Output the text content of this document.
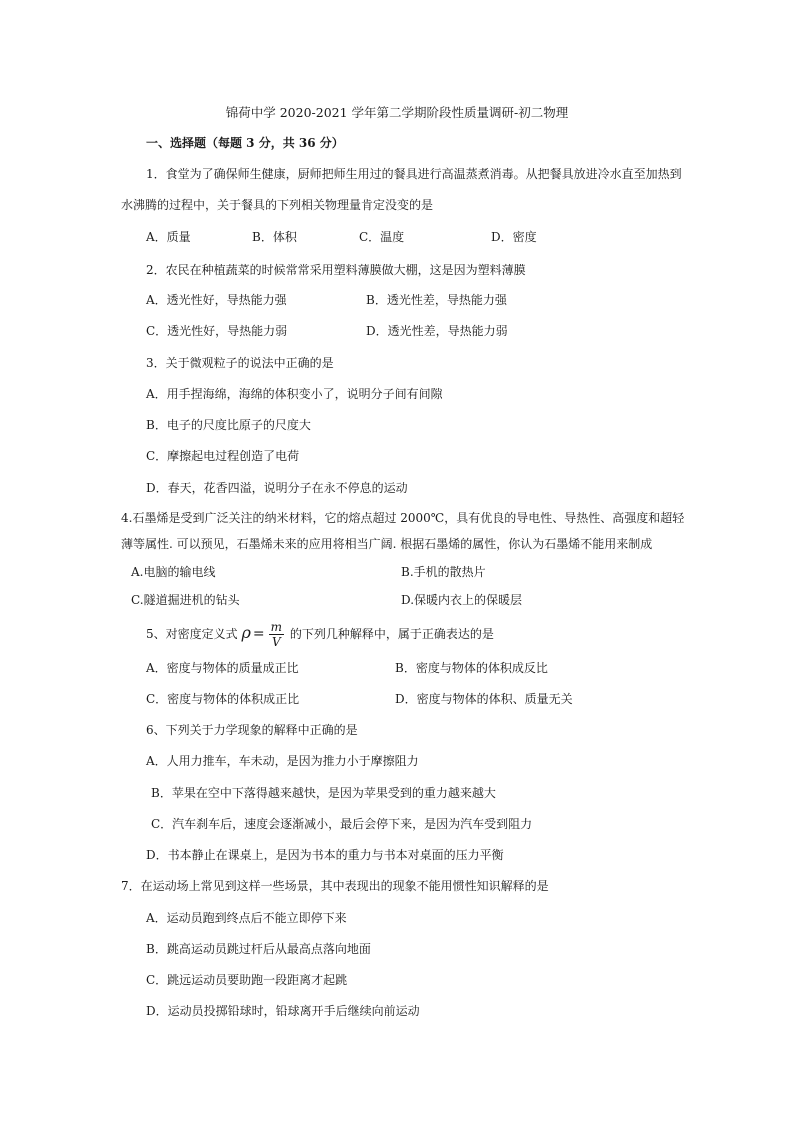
锦荷中学 2020-2021 学年第二学期阶段性质量调研-初二物理
一、选择题（每题 3 分，共 36 分）
1．食堂为了确保师生健康，厨师把师生用过的餐具进行高温蒸煮消毒。从把餐具放进冷水直至加热到
水沸腾的过程中，关于餐具的下列相关物理量肯定没变的是
A．质量	B．体积	C．温度	D．密度
2．农民在种植蔬菜的时候常常采用塑料薄膜做大棚，这是因为塑料薄膜
A．透光性好，导热能力强	B．透光性差，导热能力强
C．透光性好，导热能力弱	D．透光性差，导热能力弱
3．关于微观粒子的说法中正确的是
A．用手捏海绵，海绵的体积变小了，说明分子间有间隙
B．电子的尺度比原子的尺度大
C．摩擦起电过程创造了电荷
D．春天，花香四溢，说明分子在永不停息的运动
4.石墨烯是受到广泛关注的纳米材料，它的熔点超过 2000℃，具有优良的导电性、导热性、高强度和超轻
薄等属性. 可以预见，石墨烯未来的应用将相当广阔. 根据石墨烯的属性，你认为石墨烯不能用来制成
A.电脑的输电线	B.手机的散热片
C.隧道掘进机的钻头	D.保暖内衣上的保暖层
5、对密度定义式 $\rho = \frac{m}{V}$ 的下列几种解释中，属于正确表达的是
A．密度与物体的质量成正比	B．密度与物体的体积成反比
C．密度与物体的体积成正比	D．密度与物体的体积、质量无关
6、下列关于力学现象的解释中正确的是
A．人用力推车，车未动，是因为推力小于摩擦阻力
B．苹果在空中下落得越来越快，是因为苹果受到的重力越来越大
C．汽车刹车后，速度会逐渐减小，最后会停下来，是因为汽车受到阻力
D．书本静止在课桌上，是因为书本的重力与书本对桌面的压力平衡
7．在运动场上常见到这样一些场景，其中表现出的现象不能用惯性知识解释的是
A．运动员跑到终点后不能立即停下来
B．跳高运动员跳过杆后从最高点落向地面
C．跳远运动员要助跑一段距离才起跳
D．运动员投掷铅球时，铅球离开手后继续向前运动
